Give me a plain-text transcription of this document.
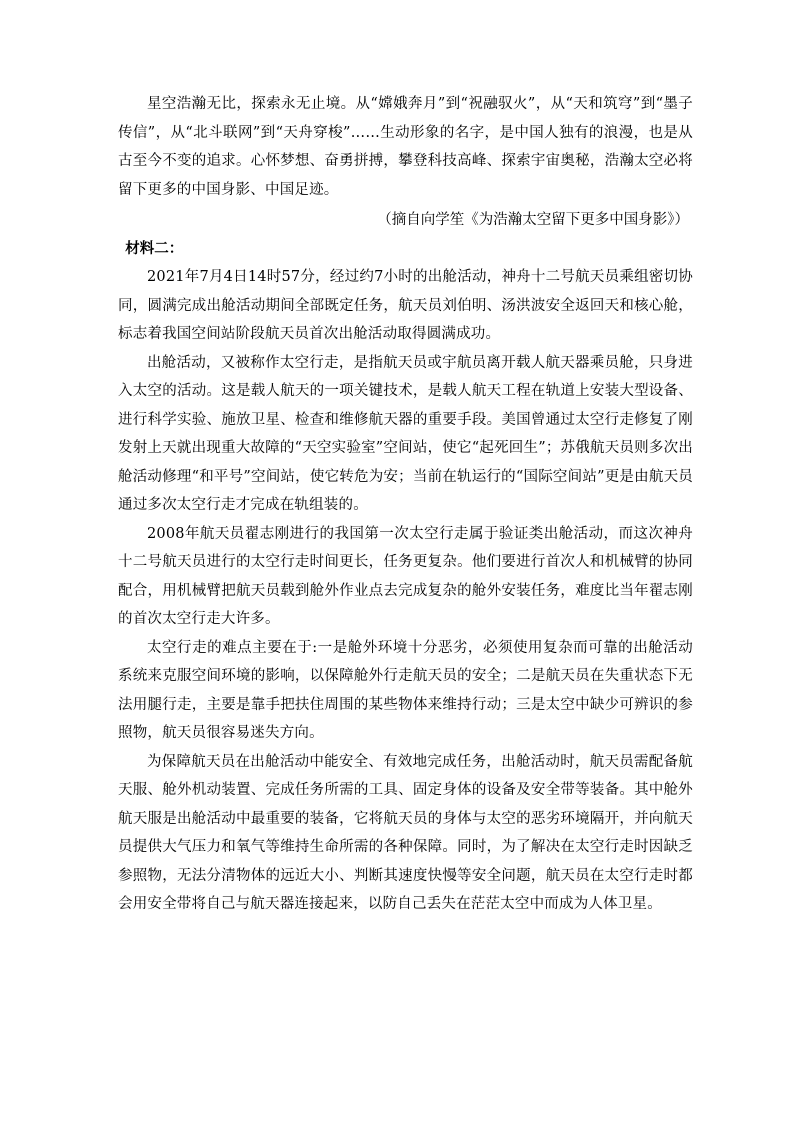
星空浩瀚无比，探索永无止境。从“嫦娥奔月”到“祝融驭火”，从“天和筑穹”到“墨子传信”，从“北斗联网”到“天舟穿梭”……生动形象的名字，是中国人独有的浪漫，也是从古至今不变的追求。心怀梦想、奋勇拼搏，攀登科技高峰、探索宇宙奥秘，浩瀚太空必将留下更多的中国身影、中国足迹。

（摘自向学笙《为浩瀚太空留下更多中国身影》）

材料二：

2021年7月4日14时57分，经过约7小时的出舱活动，神舟十二号航天员乘组密切协同，圆满完成出舱活动期间全部既定任务，航天员刘伯明、汤洪波安全返回天和核心舱，标志着我国空间站阶段航天员首次出舱活动取得圆满成功。

出舱活动，又被称作太空行走，是指航天员或宇航员离开载人航天器乘员舱，只身进入太空的活动。这是载人航天的一项关键技术，是载人航天工程在轨道上安装大型设备、进行科学实验、施放卫星、检查和维修航天器的重要手段。美国曾通过太空行走修复了刚发射上天就出现重大故障的“天空实验室”空间站，使它“起死回生”；苏俄航天员则多次出舱活动修理“和平号”空间站，使它转危为安；当前在轨运行的“国际空间站”更是由航天员通过多次太空行走才完成在轨组装的。

2008年航天员翟志刚进行的我国第一次太空行走属于验证类出舱活动，而这次神舟十二号航天员进行的太空行走时间更长，任务更复杂。他们要进行首次人和机械臂的协同配合，用机械臂把航天员载到舱外作业点去完成复杂的舱外安装任务，难度比当年翟志刚的首次太空行走大许多。

太空行走的难点主要在于:一是舱外环境十分恶劣，必须使用复杂而可靠的出舱活动系统来克服空间环境的影响，以保障舱外行走航天员的安全；二是航天员在失重状态下无法用腿行走，主要是靠手把扶住周围的某些物体来维持行动；三是太空中缺少可辨识的参照物，航天员很容易迷失方向。

为保障航天员在出舱活动中能安全、有效地完成任务，出舱活动时，航天员需配备航天服、舱外机动装置、完成任务所需的工具、固定身体的设备及安全带等装备。其中舱外航天服是出舱活动中最重要的装备，它将航天员的身体与太空的恶劣环境隔开，并向航天员提供大气压力和氧气等维持生命所需的各种保障。同时，为了解决在太空行走时因缺乏参照物，无法分清物体的远近大小、判断其速度快慢等安全问题，航天员在太空行走时都会用安全带将自己与航天器连接起来，以防自己丢失在茫茫太空中而成为人体卫星。
